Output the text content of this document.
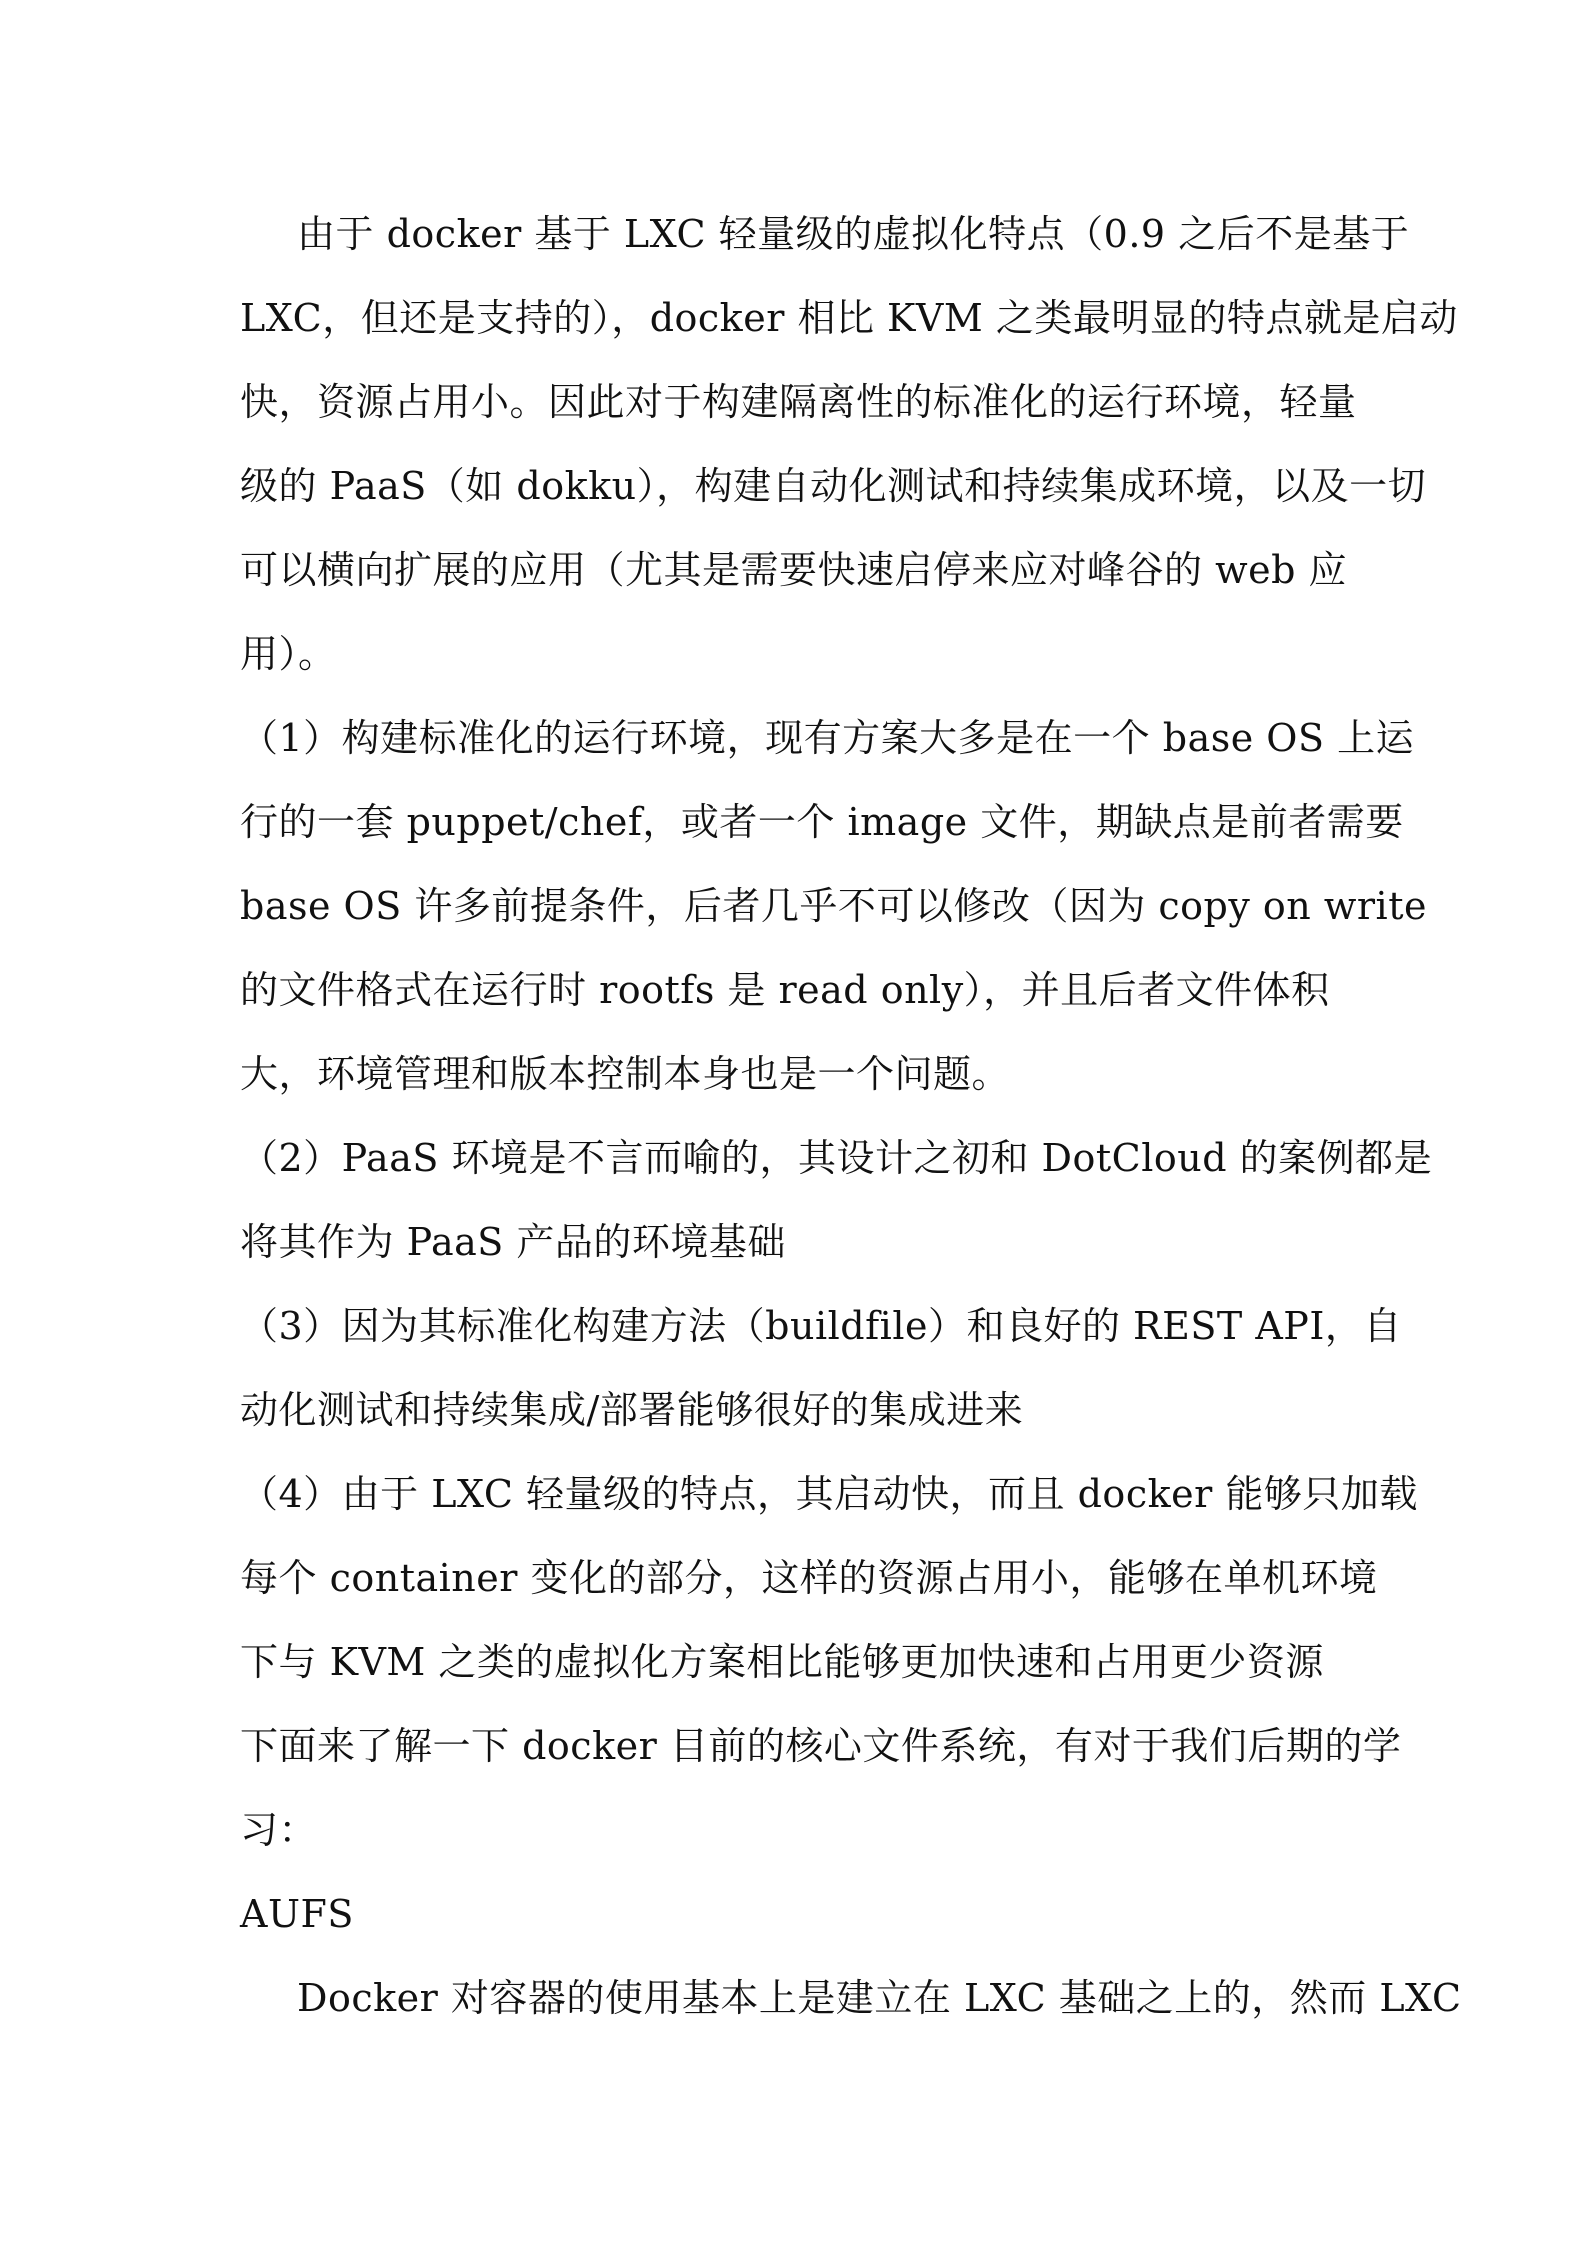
由于 docker 基于 LXC 轻量级的虚拟化特点（0.9 之后不是基于
LXC，但还是支持的），docker 相比 KVM 之类最明显的特点就是启动
快，资源占用小。因此对于构建隔离性的标准化的运行环境，轻量
级的 PaaS（如 dokku），构建自动化测试和持续集成环境，以及一切
可以横向扩展的应用（尤其是需要快速启停来应对峰谷的 web 应
用）。
（1）构建标准化的运行环境，现有方案大多是在一个 base OS 上运
行的一套 puppet/chef，或者一个 image 文件，期缺点是前者需要
base OS 许多前提条件，后者几乎不可以修改（因为 copy on write
的文件格式在运行时 rootfs 是 read only），并且后者文件体积
大，环境管理和版本控制本身也是一个问题。
（2）PaaS 环境是不言而喻的，其设计之初和 DotCloud 的案例都是
将其作为 PaaS 产品的环境基础
（3）因为其标准化构建方法（buildfile）和良好的 REST API，自
动化测试和持续集成/部署能够很好的集成进来
（4）由于 LXC 轻量级的特点，其启动快，而且 docker 能够只加载
每个 container 变化的部分，这样的资源占用小，能够在单机环境
下与 KVM 之类的虚拟化方案相比能够更加快速和占用更少资源
下面来了解一下 docker 目前的核心文件系统，有对于我们后期的学
习：
AUFS
Docker 对容器的使用基本上是建立在 LXC 基础之上的，然而 LXC
